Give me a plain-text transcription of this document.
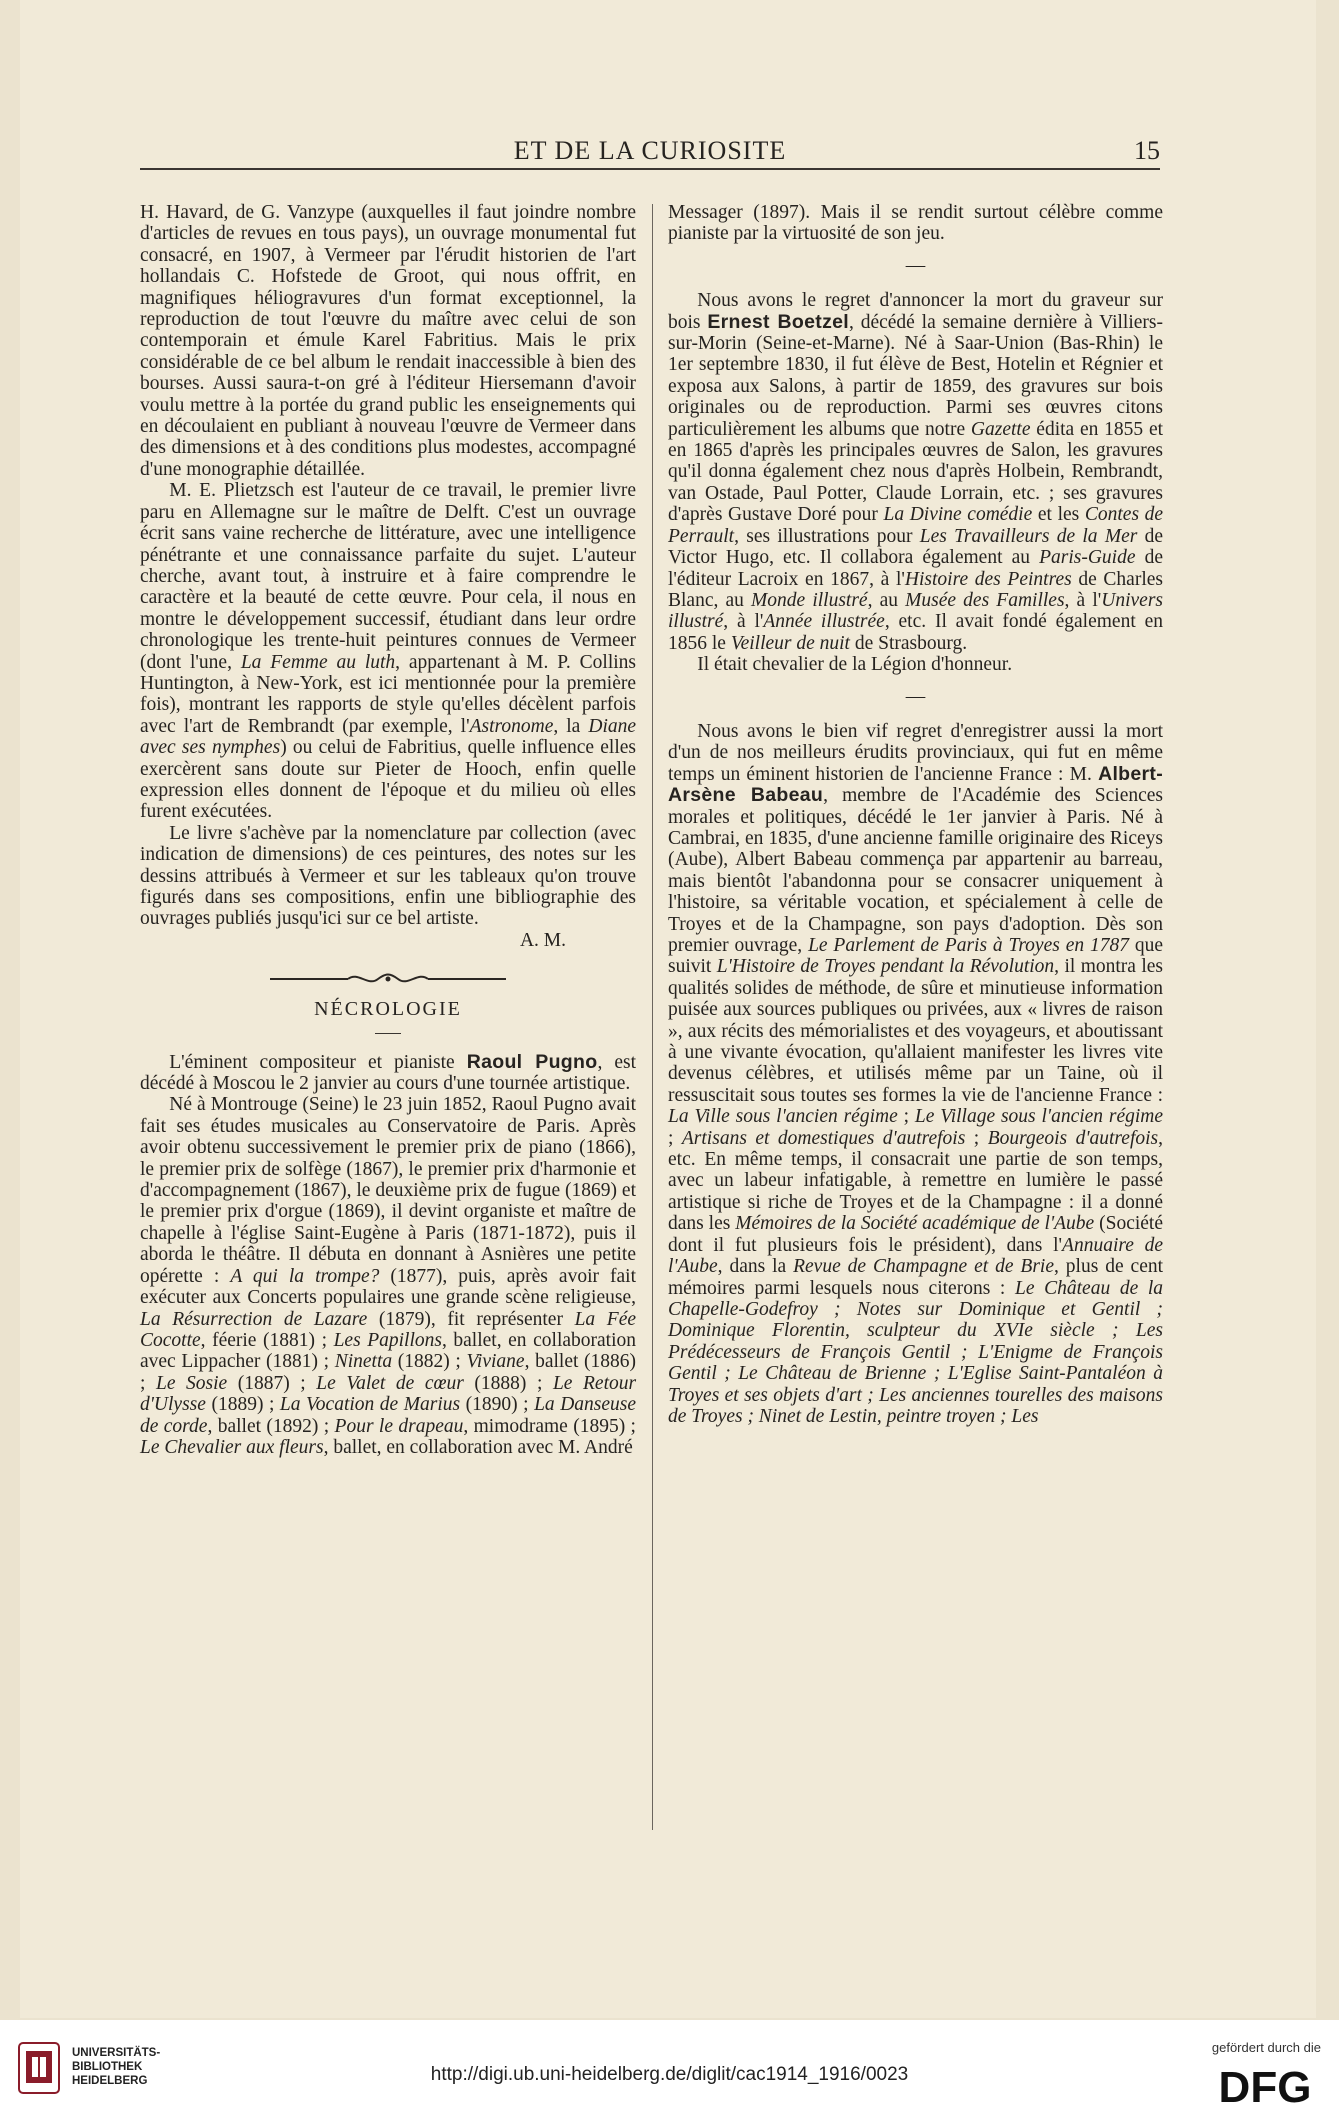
ET DE LA CURIOSITE	15

H. Havard, de G. Vanzype (auxquelles il faut joindre nombre d'articles de revues en tous pays), un ouvrage monumental fut consacré, en 1907, à Vermeer par l'érudit historien de l'art hollandais C. Hofstede de Groot, qui nous offrit, en magnifiques héliogravures d'un format exceptionnel, la reproduction de tout l'œuvre du maître avec celui de son contemporain et émule Karel Fabritius. Mais le prix considérable de ce bel album le rendait inaccessible à bien des bourses. Aussi saura-t-on gré à l'éditeur Hiersemann d'avoir voulu mettre à la portée du grand public les enseignements qui en découlaient en publiant à nouveau l'œuvre de Vermeer dans des dimensions et à des conditions plus modestes, accompagné d'une monographie détaillée.

M. E. Plietzsch est l'auteur de ce travail, le premier livre paru en Allemagne sur le maître de Delft. C'est un ouvrage écrit sans vaine recherche de littérature, avec une intelligence pénétrante et une connaissance parfaite du sujet. L'auteur cherche, avant tout, à instruire et à faire comprendre le caractère et la beauté de cette œuvre. Pour cela, il nous en montre le développement successif, étudiant dans leur ordre chronologique les trente-huit peintures connues de Vermeer (dont l'une, La Femme au luth, appartenant à M. P. Collins Huntington, à New-York, est ici mentionnée pour la première fois), montrant les rapports de style qu'elles décèlent parfois avec l'art de Rembrandt (par exemple, l'Astronome, la Diane avec ses nymphes) ou celui de Fabritius, quelle influence elles exercèrent sans doute sur Pieter de Hooch, enfin quelle expression elles donnent de l'époque et du milieu où elles furent exécutées.

Le livre s'achève par la nomenclature par collection (avec indication de dimensions) de ces peintures, des notes sur les dessins attribués à Vermeer et sur les tableaux qu'on trouve figurés dans ses compositions, enfin une bibliographie des ouvrages publiés jusqu'ici sur ce bel artiste.

A. M.

NÉCROLOGIE

L'éminent compositeur et pianiste Raoul Pugno, est décédé à Moscou le 2 janvier au cours d'une tournée artistique.

Né à Montrouge (Seine) le 23 juin 1852, Raoul Pugno avait fait ses études musicales au Conservatoire de Paris. Après avoir obtenu successivement le premier prix de piano (1866), le premier prix de solfège (1867), le premier prix d'harmonie et d'accompagnement (1867), le deuxième prix de fugue (1869) et le premier prix d'orgue (1869), il devint organiste et maître de chapelle à l'église Saint-Eugène à Paris (1871-1872), puis il aborda le théâtre. Il débuta en donnant à Asnières une petite opérette : A qui la trompe? (1877), puis, après avoir fait exécuter aux Concerts populaires une grande scène religieuse, La Résurrection de Lazare (1879), fit représenter La Fée Cocotte, féerie (1881) ; Les Papillons, ballet, en collaboration avec Lippacher (1881) ; Ninetta (1882) ; Viviane, ballet (1886) ; Le Sosie (1887) ; Le Valet de cœur (1888) ; Le Retour d'Ulysse (1889) ; La Vocation de Marius (1890) ; La Danseuse de corde, ballet (1892) ; Pour le drapeau, mimodrame (1895) ; Le Chevalier aux fleurs, ballet, en collaboration avec M. André

Messager (1897). Mais il se rendit surtout célèbre comme pianiste par la virtuosité de son jeu.

—

Nous avons le regret d'annoncer la mort du graveur sur bois Ernest Boetzel, décédé la semaine dernière à Villiers-sur-Morin (Seine-et-Marne). Né à Saar-Union (Bas-Rhin) le 1er septembre 1830, il fut élève de Best, Hotelin et Régnier et exposa aux Salons, à partir de 1859, des gravures sur bois originales ou de reproduction. Parmi ses œuvres citons particulièrement les albums que notre Gazette édita en 1855 et en 1865 d'après les principales œuvres de Salon, les gravures qu'il donna également chez nous d'après Holbein, Rembrandt, van Ostade, Paul Potter, Claude Lorrain, etc. ; ses gravures d'après Gustave Doré pour La Divine comédie et les Contes de Perrault, ses illustrations pour Les Travailleurs de la Mer de Victor Hugo, etc. Il collabora également au Paris-Guide de l'éditeur Lacroix en 1867, à l'Histoire des Peintres de Charles Blanc, au Monde illustré, au Musée des Familles, à l'Univers illustré, à l'Année illustrée, etc. Il avait fondé également en 1856 le Veilleur de nuit de Strasbourg.

Il était chevalier de la Légion d'honneur.

—

Nous avons le bien vif regret d'enregistrer aussi la mort d'un de nos meilleurs érudits provinciaux, qui fut en même temps un éminent historien de l'ancienne France : M. Albert-Arsène Babeau, membre de l'Académie des Sciences morales et politiques, décédé le 1er janvier à Paris. Né à Cambrai, en 1835, d'une ancienne famille originaire des Riceys (Aube), Albert Babeau commença par appartenir au barreau, mais bientôt l'abandonna pour se consacrer uniquement à l'histoire, sa véritable vocation, et spécialement à celle de Troyes et de la Champagne, son pays d'adoption. Dès son premier ouvrage, Le Parlement de Paris à Troyes en 1787 que suivit L'Histoire de Troyes pendant la Révolution, il montra les qualités solides de méthode, de sûre et minutieuse information puisée aux sources publiques ou privées, aux « livres de raison », aux récits des mémorialistes et des voyageurs, et aboutissant à une vivante évocation, qu'allaient manifester les livres vite devenus célèbres, et utilisés même par un Taine, où il ressuscitait sous toutes ses formes la vie de l'ancienne France : La Ville sous l'ancien régime ; Le Village sous l'ancien régime ; Artisans et domestiques d'autrefois ; Bourgeois d'autrefois, etc. En même temps, il consacrait une partie de son temps, avec un labeur infatigable, à remettre en lumière le passé artistique si riche de Troyes et de la Champagne : il a donné dans les Mémoires de la Société académique de l'Aube (Société dont il fut plusieurs fois le président), dans l'Annuaire de l'Aube, dans la Revue de Champagne et de Brie, plus de cent mémoires parmi lesquels nous citerons : Le Château de la Chapelle-Godefroy ; Notes sur Dominique et Gentil ; Dominique Florentin, sculpteur du XVIe siècle ; Les Prédécesseurs de François Gentil ; L'Enigme de François Gentil ; Le Château de Brienne ; L'Eglise Saint-Pantaléon à Troyes et ses objets d'art ; Les anciennes tourelles des maisons de Troyes ; Ninet de Lestin, peintre troyen ; Les

UNIVERSITÄTS-
BIBLIOTHEK
HEIDELBERG	http://digi.ub.uni-heidelberg.de/diglit/cac1914_1916/0023
gefördert durch die
DFG
